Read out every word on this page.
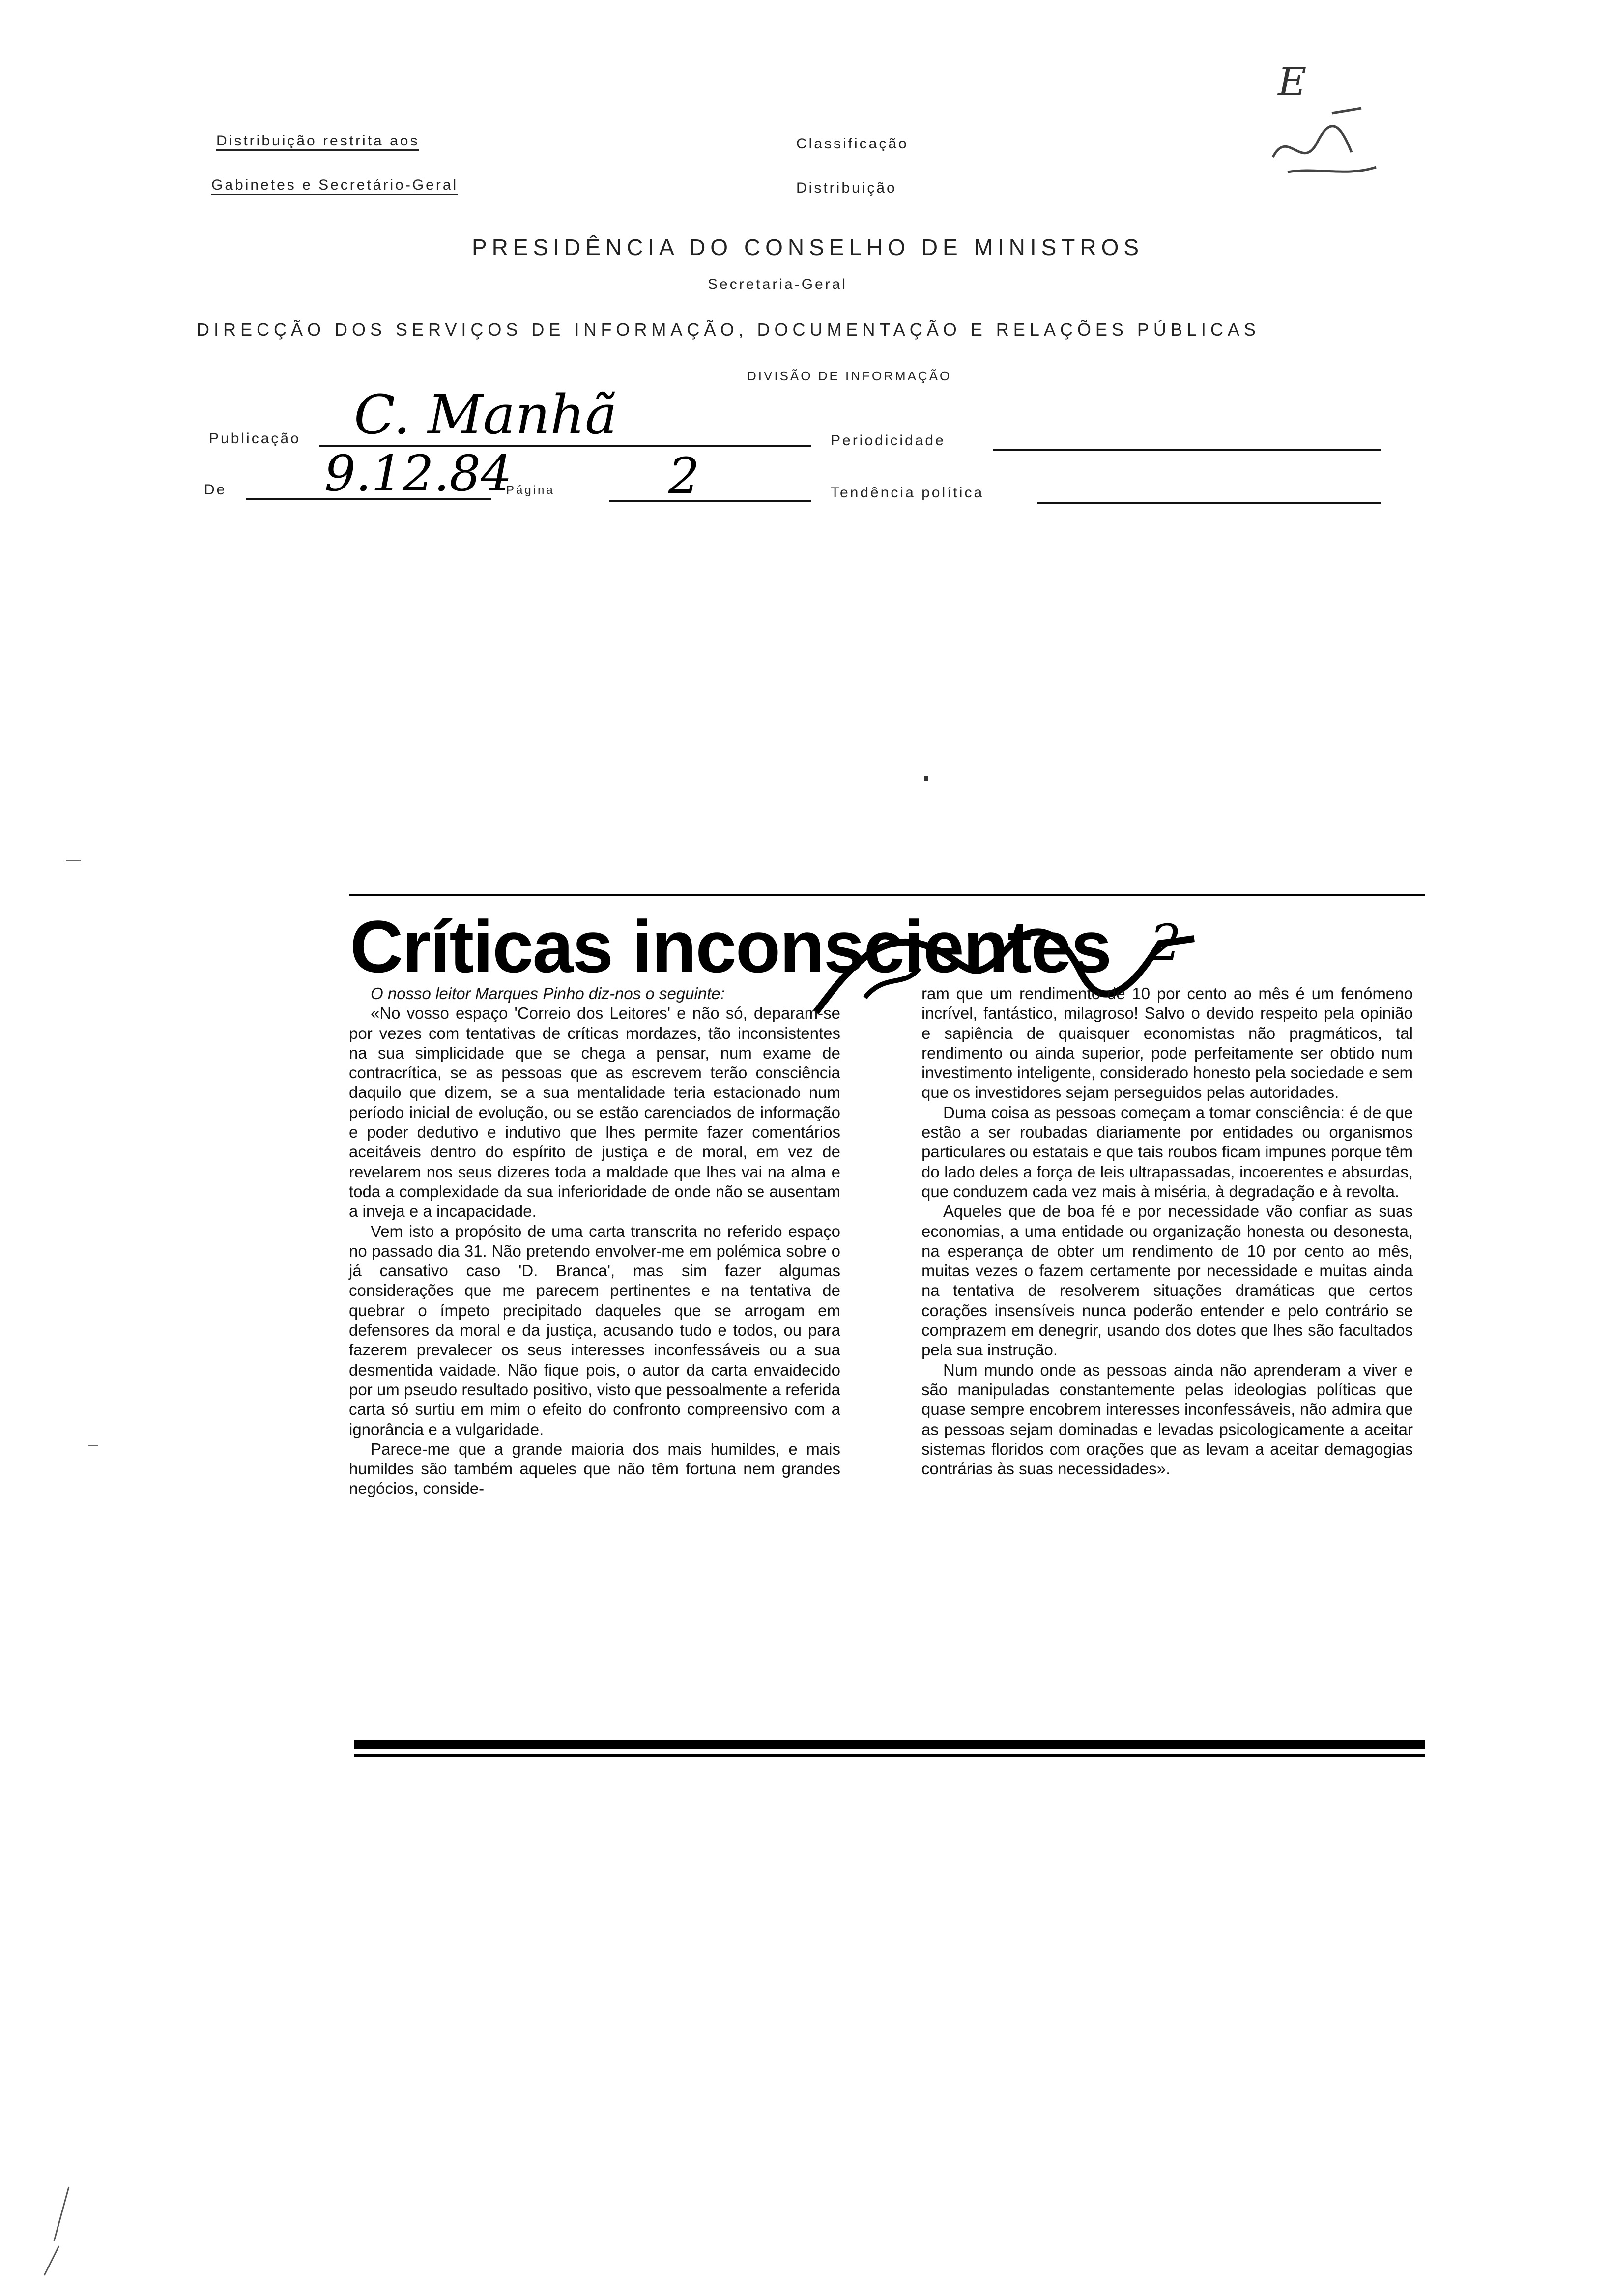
Distribuição restrita aos
Gabinetes e Secretário-Geral
Classificação
Distribuição
PRESIDÊNCIA DO CONSELHO DE MINISTROS
Secretaria-Geral
DIRECÇÃO DOS SERVIÇOS DE INFORMAÇÃO, DOCUMENTAÇÃO E RELAÇÕES PÚBLICAS
DIVISÃO DE INFORMAÇÃO
E
Publicação C. Manhã	Periodicidade
De 9.12.84
Página 2	Tendência política
Críticas inconscientes 2

O nosso leitor Marques Pinho diz-nos o seguinte:

«No vosso espaço 'Correio dos Leitores' e não só, deparam-se por vezes com tentativas de críticas mordazes, tão inconsistentes na sua simplicidade que se chega a pensar, num exame de contracrítica, se as pessoas que as escrevem terão consciência daquilo que dizem, se a sua mentalidade teria estacionado num período inicial de evolução, ou se estão carenciados de informação e poder dedutivo e indutivo que lhes permite fazer comentários aceitáveis dentro do espírito de justiça e de moral, em vez de revelarem nos seus dizeres toda a maldade que lhes vai na alma e toda a complexidade da sua inferioridade de onde não se ausentam a inveja e a incapacidade.

Vem isto a propósito de uma carta transcrita no referido espaço no passado dia 31. Não pretendo envolver-me em polémica sobre o já cansativo caso 'D. Branca', mas sim fazer algumas considerações que me parecem pertinentes e na tentativa de quebrar o ímpeto precipitado daqueles que se arrogam em defensores da moral e da justiça, acusando tudo e todos, ou para fazerem prevalecer os seus interesses inconfessáveis ou a sua desmentida vaidade. Não fique pois, o autor da carta envaidecido por um pseudo resultado positivo, visto que pessoalmente a referida carta só surtiu em mim o efeito do confronto compreensivo com a ignorância e a vulgaridade.

Parece-me que a grande maioria dos mais humildes, e mais humildes são também aqueles que não têm fortuna nem grandes negócios, conside-

ram que um rendimento de 10 por cento ao mês é um fenómeno incrível, fantástico, milagroso! Salvo o devido respeito pela opinião e sapiência de quaisquer economistas não pragmáticos, tal rendimento ou ainda superior, pode perfeitamente ser obtido num investimento inteligente, considerado honesto pela sociedade e sem que os investidores sejam perseguidos pelas autoridades.

Duma coisa as pessoas começam a tomar consciência: é de que estão a ser roubadas diariamente por entidades ou organismos particulares ou estatais e que tais roubos ficam impunes porque têm do lado deles a força de leis ultrapassadas, incoerentes e absurdas, que conduzem cada vez mais à miséria, à degradação e à revolta.

Aqueles que de boa fé e por necessidade vão confiar as suas economias, a uma entidade ou organização honesta ou desonesta, na esperança de obter um rendimento de 10 por cento ao mês, muitas vezes o fazem certamente por necessidade e muitas ainda na tentativa de resolverem situações dramáticas que certos corações insensíveis nunca poderão entender e pelo contrário se comprazem em denegrir, usando dos dotes que lhes são facultados pela sua instrução.

Num mundo onde as pessoas ainda não aprenderam a viver e são manipuladas constantemente pelas ideologias políticas que quase sempre encobrem interesses inconfessáveis, não admira que as pessoas sejam dominadas e levadas psicologicamente a aceitar sistemas floridos com orações que as levam a aceitar demagogias contrárias às suas necessidades».
